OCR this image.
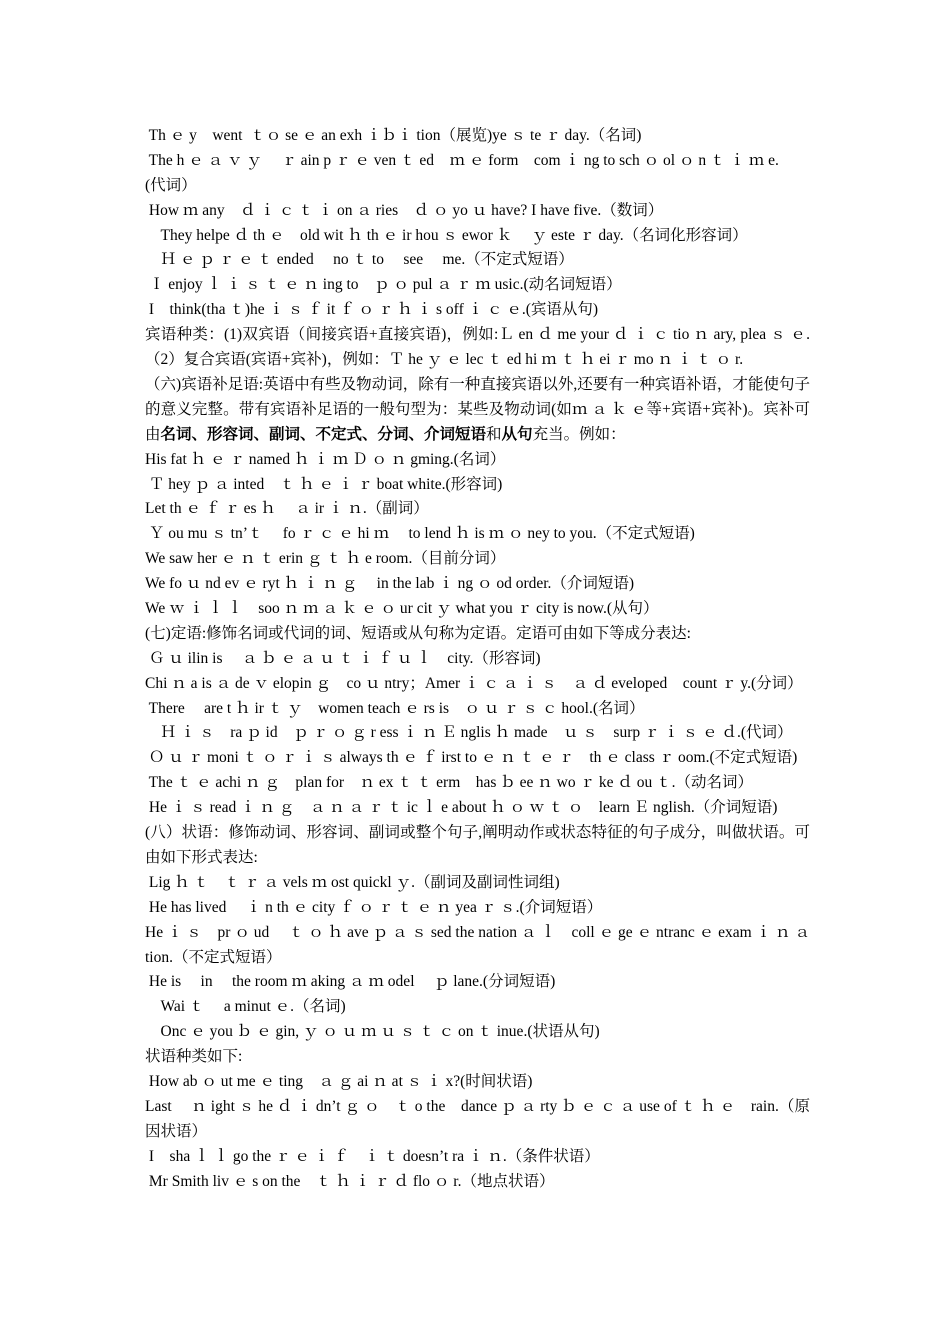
Th ｅ y　went  ｔｏ se ｅ an exh ｉｂｉ tion（展览)ye ｓ te ｒ day.（名词)
The h ｅ ａ ｖ ｙ　 ｒ ain p ｒ ｅ ven ｔ ed　ｍ ｅ form　com ｉ ng to sch ｏ ol ｏ n ｔ ｉ ｍ e.
(代词）
How ｍ any　ｄ ｉ ｃ ｔ ｉ on ａ ries　ｄ ｏ yo ｕ have? I have five.（数词）
　They helpe ｄ th ｅ　old wit ｈ th ｅ ir hou ｓ ewor ｋ　 ｙ este ｒ day.（名词化形容词）
　Ｈ ｅ ｐ ｒ ｅ ｔ ended　 no ｔ to　 see　 me.（不定式短语）
Ｉ enjoy ｌ ｉ ｓ ｔ ｅ ｎ ing to　ｐ ｏ pul ａ ｒ ｍ usic.(动名词短语）
I　think(tha ｔ)he ｉ ｓ ｆ it ｆ ｏ ｒ ｈ ｉ s off ｉ ｃ ｅ.(宾语从句)
宾语种类：(1)双宾语（间接宾语+直接宾语)，例如:Ｌ en ｄ me your ｄ ｉ ｃ tio ｎ ary, plea ｓ ｅ.（2）复合宾语(宾语+宾补)，例如：Ｔ he ｙ ｅ lec ｔ ed hi ｍ ｔ ｈ ei ｒ mo ｎ ｉ ｔ ｏ r.
（六)宾语补足语:英语中有些及物动词，除有一种直接宾语以外,还要有一种宾语补语，才能使句子的意义完整。带有宾语补足语的一般句型为：某些及物动词(如ｍ ａ ｋ ｅ等+宾语+宾补)。宾补可由名词、形容词、副词、不定式、分词、介词短语和从句充当。例如：
His fat ｈ ｅ ｒ named ｈ ｉ ｍ Ｄ ｏ ｎ gming.(名词）
Ｔ hey ｐ ａ inted　ｔ ｈ ｅ ｉ ｒ boat white.(形容词)
Let th ｅ ｆ ｒ es ｈ　 ａ ir ｉ ｎ.（副词）
Ｙ ou mu ｓ tn’ｔ　 fo ｒ ｃ ｅ hi ｍ　 to lend ｈ is ｍ ｏ ney to you.（不定式短语)
We saw her ｅ ｎ ｔ erin ｇ ｔ ｈ e room.（目前分词）
We fo ｕ nd ev ｅ ryt ｈ ｉ ｎ ｇ　 in the lab ｉ ng ｏ od order.（介词短语)
We ｗ ｉ ｌ ｌ　soo ｎ ｍ ａ ｋ ｅ ｏ ur cit ｙ what you ｒ city is now.(从句）
(七)定语:修饰名词或代词的词、短语或从句称为定语。定语可由如下等成分表达:
Ｇ ｕ ilin is　 ａ ｂ ｅ ａ ｕ ｔ ｉ ｆ ｕ ｌ　city.（形容词)
Chi ｎ a is ａ de ｖ elopin ｇ　co ｕ ntry；Amer ｉ ｃ ａ ｉ ｓ　ａ ｄ eveloped　count ｒ y.(分词）
There　 are t ｈ ir ｔ ｙ　women teach ｅ rs is　ｏ ｕ ｒ ｓ ｃ hool.(名词）
　Ｈ ｉ ｓ　ra ｐ id　ｐ ｒ ｏ ｇ r ess ｉ ｎ Ｅ nglis ｈ made　ｕ ｓ　surp ｒ ｉ ｓ ｅ ｄ.(代词）
Ｏ ｕ ｒ moni ｔ ｏ ｒ ｉ ｓ always th ｅ ｆ irst to ｅ ｎ ｔ ｅ ｒ　th ｅ class ｒ oom.(不定式短语)
The ｔ ｅ achi ｎ ｇ　plan for　ｎ ex ｔ ｔ erm　has ｂ ee ｎ wo ｒ ke ｄ ou ｔ.（动名词）
He ｉ ｓ read ｉ ｎ ｇ　ａ ｎ ａ ｒ ｔ ic ｌ e about ｈ ｏ ｗ ｔ ｏ　learn Ｅ nglish.（介词短语)
(八）状语：修饰动词、形容词、副词或整个句子,阐明动作或状态特征的句子成分，叫做状语。可由如下形式表达:
Lig ｈ ｔ　ｔ ｒ ａ vels ｍ ost quickl ｙ.（副词及副词性词组)
He has lived　 ｉ n th ｅ city ｆ ｏ ｒ ｔ ｅ ｎ yea ｒ ｓ.(介词短语）
He ｉ ｓ　pr ｏ ud　 ｔ ｏ ｈ ave ｐ ａ ｓ sed the nation ａ ｌ　coll ｅ ge ｅ ntranc ｅ exam ｉ ｎ ａ tion.（不定式短语）
He is　 in　 the room ｍ aking ａ ｍ odel　 ｐ lane.(分词短语)
　Wai ｔ　 a minut ｅ.（名词)
　Onc ｅ you ｂ ｅ gin, ｙ ｏ ｕ ｍ ｕ ｓ ｔ ｃ on ｔ inue.(状语从句)
状语种类如下:
How ab ｏ ut me ｅ ting　ａ ｇ ai ｎ at ｓ ｉ x?(时间状语)
Last　 ｎ ight ｓ he ｄ ｉ dn’t ｇ ｏ　ｔ o the　dance ｐ ａ rty ｂ ｅ ｃ ａ use of ｔ ｈ ｅ　rain.（原因状语）
I　sha ｌ ｌ go the ｒ ｅ ｉ ｆ　ｉ ｔ doesn’t ra ｉ ｎ.（条件状语）
Mr Smith liv ｅ s on the　ｔ ｈ ｉ ｒ ｄ flo ｏ r.（地点状语）
